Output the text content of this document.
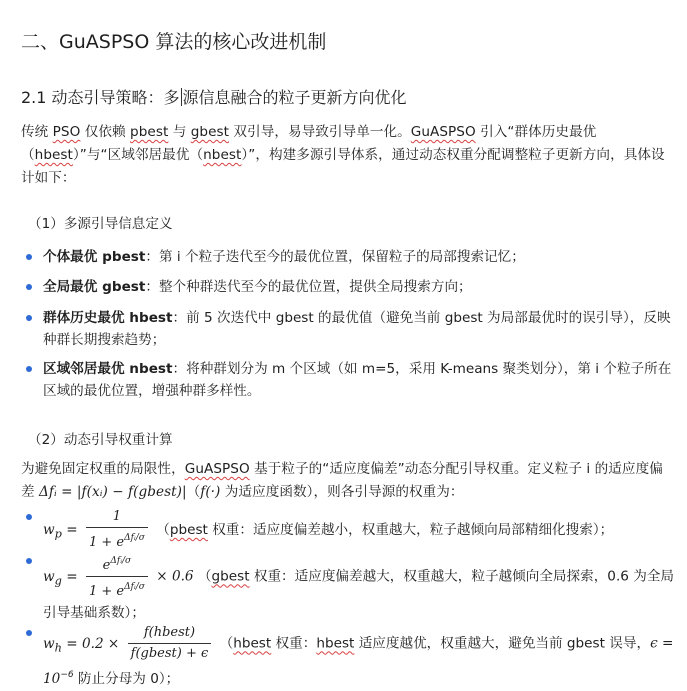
二、GuASPSO 算法的核心改进机制
2.1 动态引导策略：多 源信息融合的粒子更新方向优化
传统 PSO 仅依赖 pbest 与 gbest 双引导，易导致引导单一化。GuASPSO 引入“群体历史最优（hbest）”与“区域邻居最优（nbest）”，构建多源引导体系，通过动态权重分配调整粒子更新方向，具体设计如下：
（1）多源引导信息定义
个体最优 pbest：第 i 个粒子迭代至今的最优位置，保留粒子的局部搜索记忆；
全局最优 gbest：整个种群迭代至今的最优位置，提供全局搜索方向；
群体历史最优 hbest：前 5 次迭代中 gbest 的最优值（避免当前 gbest 为局部最优时的误引导），反映种群长期搜索趋势；
区域邻居最优 nbest：将种群划分为 m 个区域（如 m=5，采用 K-means 聚类划分），第 i 个粒子所在区域的最优位置，增强种群多样性。
（2）动态引导权重计算
为避免固定权重的局限性，GuASPSO 基于粒子的“适应度偏差”动态分配引导权重。定义粒子 i 的适应度偏差 Δfᵢ = |f(xᵢ) − f(gbest)|（f(·) 为适应度函数），则各引导源的权重为：
$w_p = \frac{1}{1 + e^{\Delta fᵢ/\sigma}}$ （pbest 权重：适应度偏差越小，权重越大，粒子越倾向局部精细化搜索）；
$w_g = \frac{e^{\Delta fᵢ/\sigma}}{1 + e^{\Delta fᵢ/\sigma}} \times 0.6$ （gbest 权重：适应度偏差越大，权重越大，粒子越倾向全局探索，0.6 为全局引导基础系数）；
$w_h = 0.2 \times \frac{\text{f(hbest)}}{\text{f(gbest) + ϵ}}$ （hbest 权重：hbest 适应度越优，权重越大，避免当前 gbest 误导，$\epsilon = 10^{-6}$ 防止分母为 0）；
